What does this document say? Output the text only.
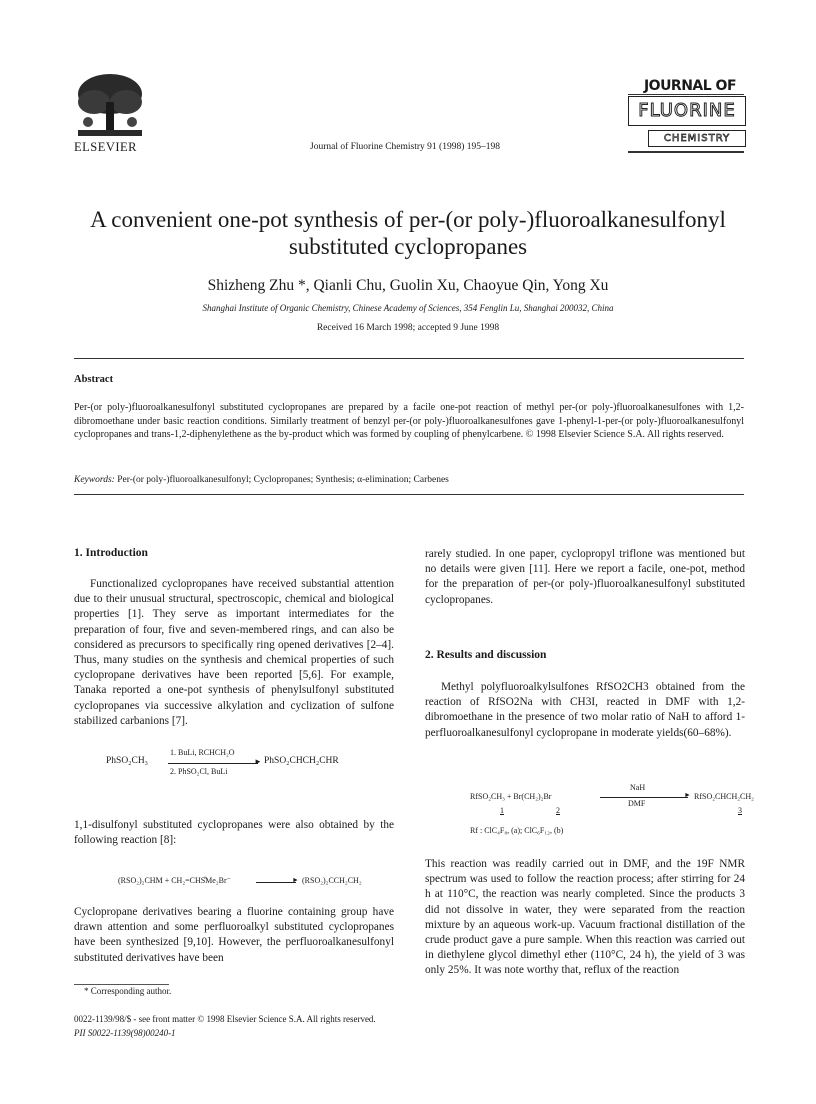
ELSEVIER	Journal of Fluorine Chemistry 91 (1998) 195–198
JOURNAL OF
FLUORINE
CHEMISTRY
A convenient one-pot synthesis of per-(or poly-)fluoroalkanesulfonyl substituted cyclopropanes
Shizheng Zhu *, Qianli Chu, Guolin Xu, Chaoyue Qin, Yong Xu
Shanghai Institute of Organic Chemistry, Chinese Academy of Sciences, 354 Fenglin Lu, Shanghai 200032, China
Received 16 March 1998; accepted 9 June 1998
Abstract
Per-(or poly-)fluoroalkanesulfonyl substituted cyclopropanes are prepared by a facile one-pot reaction of methyl per-(or poly-)fluoroalkanesulfones with 1,2-dibromoethane under basic reaction conditions. Similarly treatment of benzyl per-(or poly-)fluoroalkanesulfones gave 1-phenyl-1-per-(or poly-)fluoroalkanesulfonyl cyclopropanes and trans-1,2-diphenylethene as the by-product which was formed by coupling of phenylcarbene. © 1998 Elsevier Science S.A. All rights reserved.
Keywords: Per-(or poly-)fluoroalkanesulfonyl; Cyclopropanes; Synthesis; α-elimination; Carbenes
1. Introduction
Functionalized cyclopropanes have received substantial attention due to their unusual structural, spectroscopic, chemical and biological properties [1]. They serve as important intermediates for the preparation of four, five and seven-membered rings, and can also be considered as precursors to specifically ring opened derivatives [2–4]. Thus, many studies on the synthesis and chemical properties of such cyclopropane derivatives have been reported [5,6]. For example, Tanaka reported a one-pot synthesis of phenylsulfonyl substituted cyclopropanes via successive alkylation and cyclization of sulfone stabilized carbanions [7].
PhSO₂CH₃
1. BuLi, RCHCH₂O
►
2. PhSO₂Cl, BuLi
PhSO₂CHCH₂CHR
1,1-disulfonyl substituted cyclopropanes were also obtained by the following reaction [8]:
(RSO₂)₂CHM + CH₂=CHS̊Me₂Br⁻	► (RSO₂)₂CCH₂CH₂
Cyclopropane derivatives bearing a fluorine containing group have drawn attention and some perfluoroalkyl substituted cyclopropanes have been synthesized [9,10]. However, the perfluoroalkanesulfonyl substituted derivatives have been
* Corresponding author.
rarely studied. In one paper, cyclopropyl triflone was mentioned but no details were given [11]. Here we report a facile, one-pot, method for the preparation of per-(or poly-)fluoroalkanesulfonyl substituted cyclopropanes.
2. Results and discussion
Methyl polyfluoroalkylsulfones RfSO2CH3 obtained from the reaction of RfSO2Na with CH3I, reacted in DMF with 1,2-dibromoethane in the presence of two molar ratio of NaH to afford 1-perfluoroalkanesulfonyl cyclopropane in moderate yields(60–68%).
RfSO₂CH₃ + Br(CH₂)₂Br
NaH
►
DMF
RfSO₂CHCH₂CH₂
1	2	3
Rf : ClC₄F₈, (a); ClC₆F₁₂, (b)
This reaction was readily carried out in DMF, and the 19F NMR spectrum was used to follow the reaction process; after stirring for 24 h at 110°C, the reaction was nearly completed. Since the products 3 did not dissolve in water, they were separated from the reaction mixture by an aqueous work-up. Vacuum fractional distillation of the crude product gave a pure sample. When this reaction was carried out in diethylene glycol dimethyl ether (110°C, 24 h), the yield of 3 was only 25%. It was note worthy that, reflux of the reaction
0022-1139/98/$ - see front matter © 1998 Elsevier Science S.A. All rights reserved.
PII S0022-1139(98)00240-1
